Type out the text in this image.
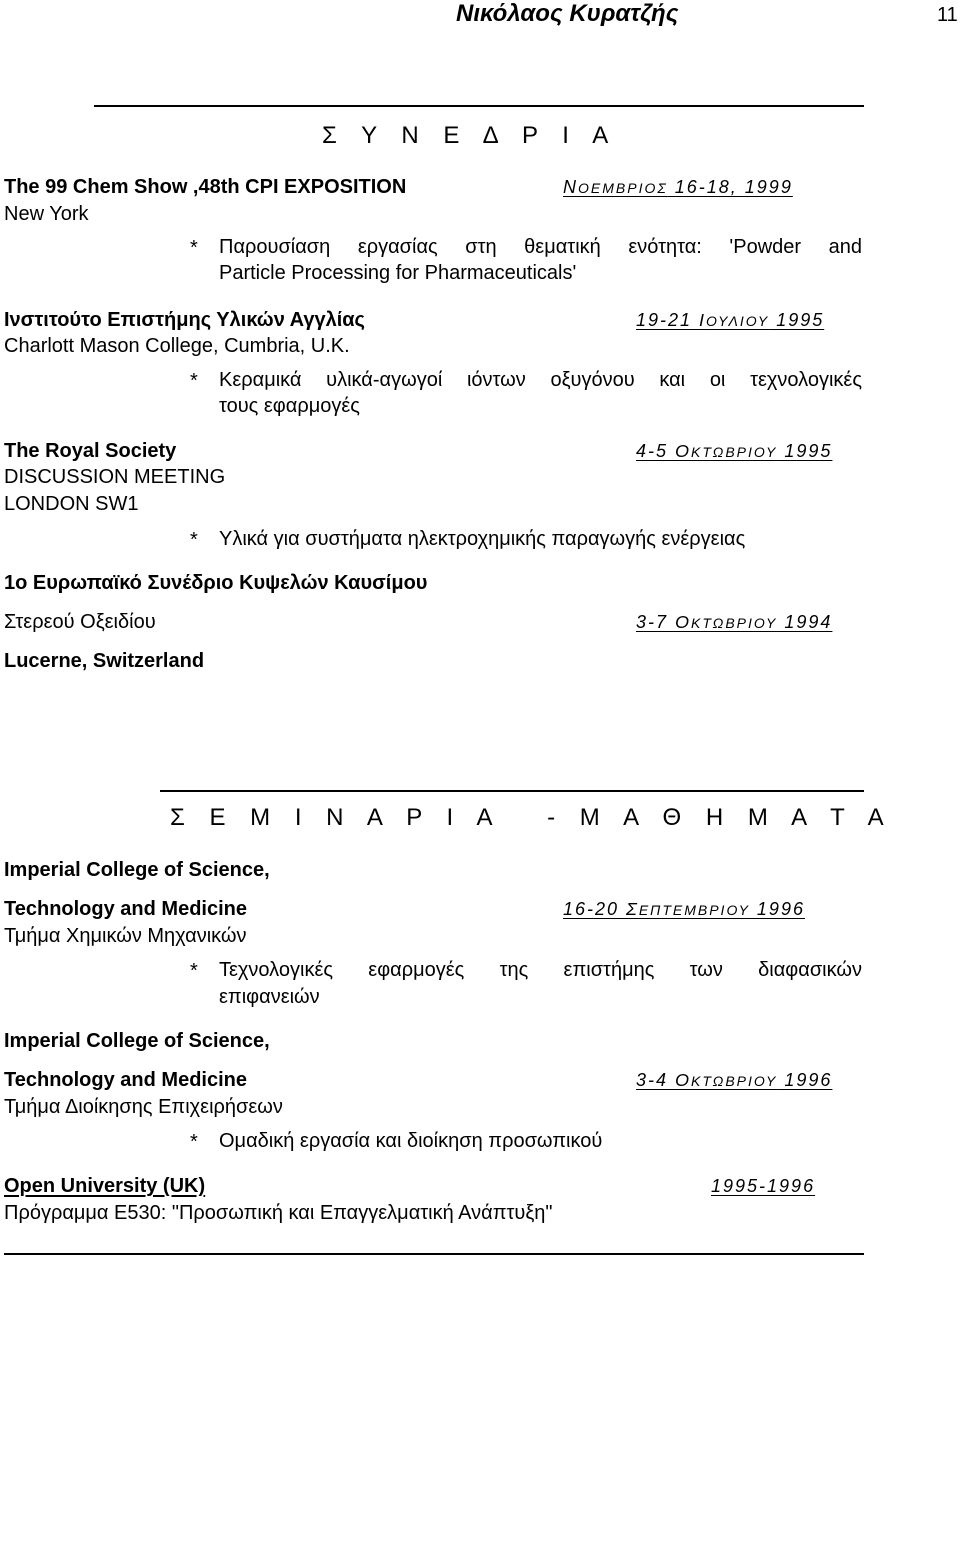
Νικόλαος Κυρατζής	11
Σ Υ Ν Ε Δ Ρ Ι Α
The 99 Chem Show ,48th CPI EXPOSITION	NΟΕΜΒΡΙΟΣ 16-18, 1999
New York
* Παρουσίαση εργασίας στη θεματική ενότητα: 'Powder and
Particle Processing for Pharmaceuticals'
Ινστιτούτο Επιστήμης Υλικών Αγγλίας	19-21 ΙΟΥΛΙΟΥ 1995
Charlott Mason College, Cumbria, U.K.
* Κεραμικά υλικά-αγωγοί ιόντων οξυγόνου και οι τεχνολογικές
τους εφαρμογές
The Royal Society	4-5 ΟΚΤΩΒΡΙΟΥ 1995
DISCUSSION MEETING
LONDON SW1
* Υλικά για συστήματα ηλεκτροχημικής παραγωγής ενέργειας
1ο Ευρωπαϊκό Συνέδριο Κυψελών Καυσίμου
Στερεού Οξειδίου	3-7 ΟΚΤΩΒΡΙΟΥ 1994
Lucerne, Switzerland
Σ Ε Μ Ι Ν Α Ρ Ι Α   - Μ Α Θ Η Μ Α Τ Α
Imperial College of Science,
Technology and Medicine	16-20 ΣΕΠΤΕΜΒΡΙΟΥ 1996
Τμήμα Χημικών Μηχανικών
* Τεχνολογικές εφαρμογές της επιστήμης των διαφασικών
επιφανειών
Imperial College of Science,
Technology and Medicine	3-4 ΟΚΤΩΒΡΙΟΥ 1996
Τμήμα Διοίκησης Επιχειρήσεων
* Ομαδική εργασία και διοίκηση προσωπικού
Open University (UK)	1995-1996
Πρόγραμμα Ε530: "Προσωπική και Επαγγελματική Ανάπτυξη"
